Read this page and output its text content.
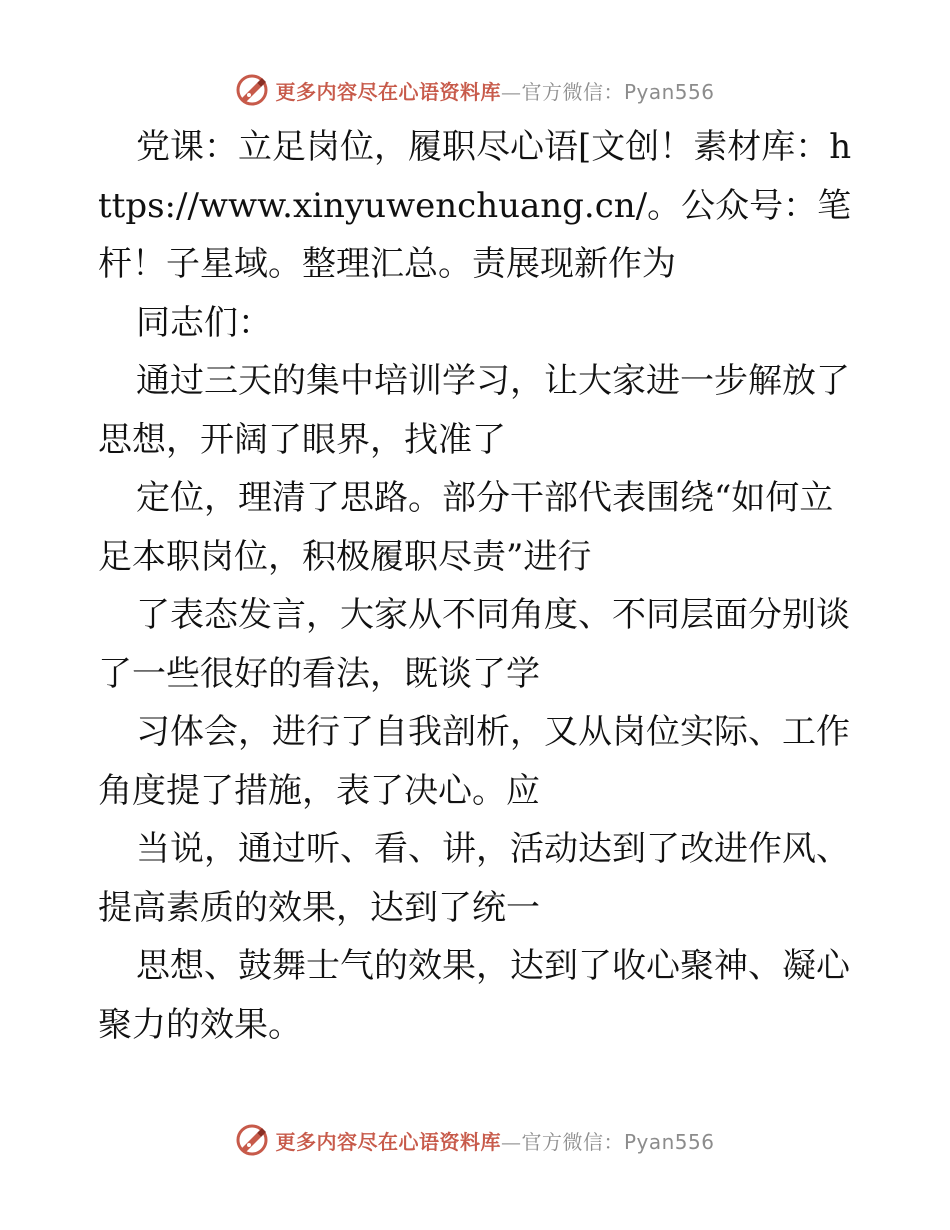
更多内容尽在心语资料库—官方微信：Pyan556

党课：立足岗位，履职尽心语[文创！素材库：https://www.xinyuwenchuang.cn/。公众号：笔杆！子星域。整理汇总。责展现新作为

同志们：

通过三天的集中培训学习，让大家进一步解放了思想，开阔了眼界，找准了

定位，理清了思路。部分干部代表围绕“如何立足本职岗位，积极履职尽责”进行

了表态发言，大家从不同角度、不同层面分别谈了一些很好的看法，既谈了学

习体会，进行了自我剖析，又从岗位实际、工作角度提了措施，表了决心。应

当说，通过听、看、讲，活动达到了改进作风、提高素质的效果，达到了统一

思想、鼓舞士气的效果，达到了收心聚神、凝心聚力的效果。

更多内容尽在心语资料库—官方微信：Pyan556
